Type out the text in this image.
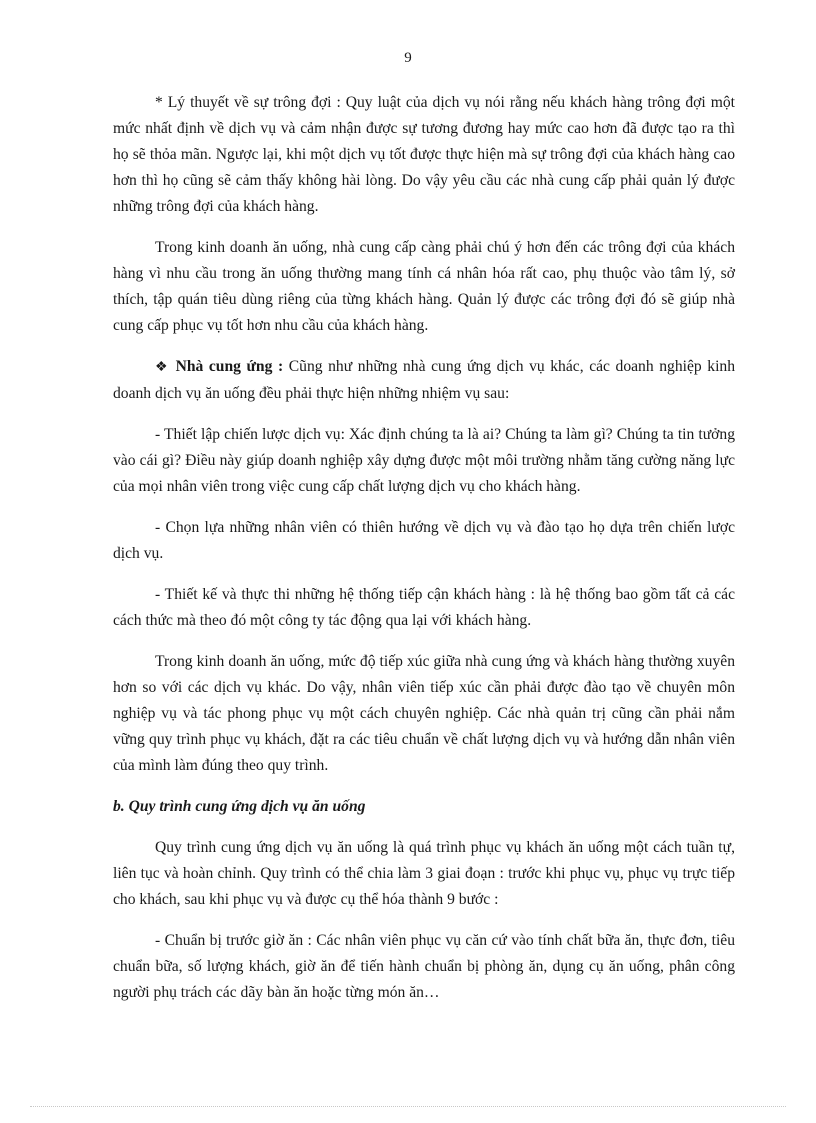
9

* Lý thuyết về sự trông đợi : Quy luật của dịch vụ nói rằng nếu khách hàng trông đợi một mức nhất định về dịch vụ và cảm nhận được sự tương đương hay mức cao hơn đã được tạo ra thì họ sẽ thỏa mãn. Ngược lại, khi một dịch vụ tốt được thực hiện mà sự trông đợi của khách hàng cao hơn thì họ cũng sẽ cảm thấy không hài lòng. Do vậy yêu cầu các nhà cung cấp phải quản lý được những trông đợi của khách hàng.

Trong kinh doanh ăn uống, nhà cung cấp càng phải chú ý hơn đến các trông đợi của khách hàng vì nhu cầu trong ăn uống thường mang tính cá nhân hóa rất cao, phụ thuộc vào tâm lý, sở thích, tập quán tiêu dùng riêng của từng khách hàng. Quản lý được các trông đợi đó sẽ giúp nhà cung cấp phục vụ tốt hơn nhu cầu của khách hàng.

❖ Nhà cung ứng : Cũng như những nhà cung ứng dịch vụ khác, các doanh nghiệp kinh doanh dịch vụ ăn uống đều phải thực hiện những nhiệm vụ sau:

- Thiết lập chiến lược dịch vụ: Xác định chúng ta là ai? Chúng ta làm gì? Chúng ta tin tưởng vào cái gì? Điều này giúp doanh nghiệp xây dựng được một môi trường nhằm tăng cường năng lực của mọi nhân viên trong việc cung cấp chất lượng dịch vụ cho khách hàng.

- Chọn lựa những nhân viên có thiên hướng về dịch vụ và đào tạo họ dựa trên chiến lược dịch vụ.

- Thiết kế và thực thi những hệ thống tiếp cận khách hàng : là hệ thống bao gồm tất cả các cách thức mà theo đó một công ty tác động qua lại với khách hàng.

Trong kinh doanh ăn uống, mức độ tiếp xúc giữa nhà cung ứng và khách hàng thường xuyên hơn so với các dịch vụ khác. Do vậy, nhân viên tiếp xúc cần phải được đào tạo về chuyên môn nghiệp vụ và tác phong phục vụ một cách chuyên nghiệp. Các nhà quản trị cũng cần phải nắm vững quy trình phục vụ khách, đặt ra các tiêu chuẩn về chất lượng dịch vụ và hướng dẫn nhân viên của mình làm đúng theo quy trình.

b. Quy trình cung ứng dịch vụ ăn uống

Quy trình cung ứng dịch vụ ăn uống là quá trình phục vụ khách ăn uống một cách tuần tự, liên tục và hoàn chỉnh. Quy trình có thể chia làm 3 giai đoạn : trước khi phục vụ, phục vụ trực tiếp cho khách, sau khi phục vụ và được cụ thể hóa thành 9 bước :

- Chuẩn bị trước giờ ăn : Các nhân viên phục vụ căn cứ vào tính chất bữa ăn, thực đơn, tiêu chuẩn bữa, số lượng khách, giờ ăn để tiến hành chuẩn bị phòng ăn, dụng cụ ăn uống, phân công người phụ trách các dãy bàn ăn hoặc từng món ăn…
